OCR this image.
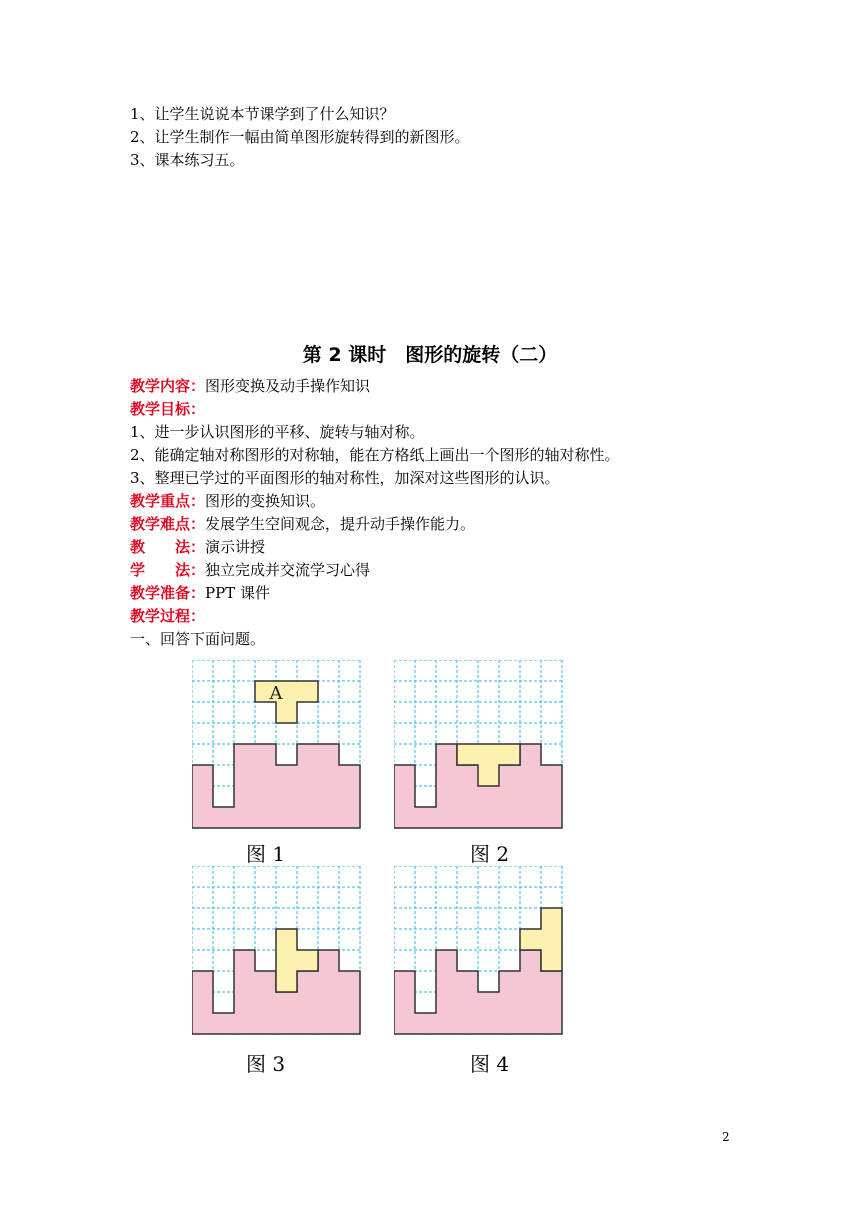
1、让学生说说本节课学到了什么知识？
2、让学生制作一幅由简单图形旋转得到的新图形。
3、课本练习五。
第 2 课时　图形的旋转（二）
教学内容：图形变换及动手操作知识
教学目标：
1、进一步认识图形的平移、旋转与轴对称。
2、能确定轴对称图形的对称轴，能在方格纸上画出一个图形的轴对称性。
3、整理已学过的平面图形的轴对称性，加深对这些图形的认识。
教学重点：图形的变换知识。
教学难点：发展学生空间观念，提升动手操作能力。
教　　法：演示讲授
学　　法：独立完成并交流学习心得
教学准备：PPT 课件
教学过程：
一、回答下面问题。
A
图 1	图 2
图 3	图 4
2
